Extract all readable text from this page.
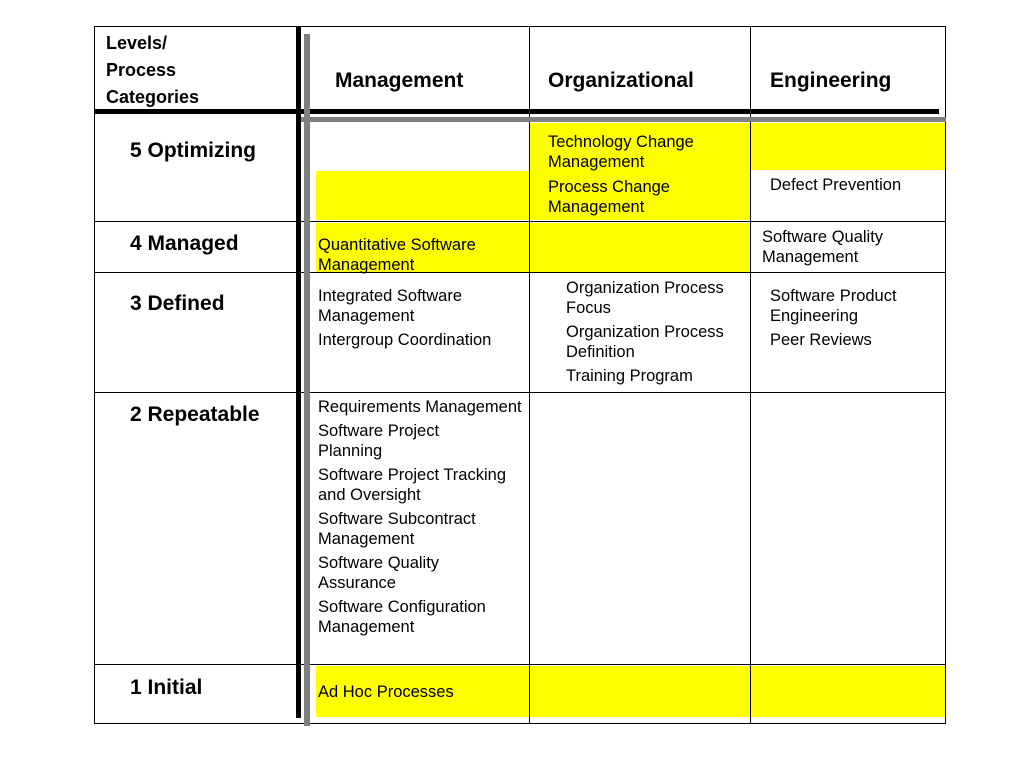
Levels/ Process Categories
Management	Organizational	Engineering
5 Optimizing
4 Managed
3 Defined
2 Repeatable
1 Initial
Technology Change Management
Process Change Management
Defect Prevention
Quantitative Software Management
Software Quality Management
Integrated Software Management
Intergroup Coordination
Organization Process Focus
Organization Process Definition
Training Program
Software Product Engineering
Peer Reviews
Requirements Management
Software Project Planning
Software Project Tracking and Oversight
Software Subcontract Management
Software Quality Assurance
Software Configuration Management
Ad Hoc Processes
